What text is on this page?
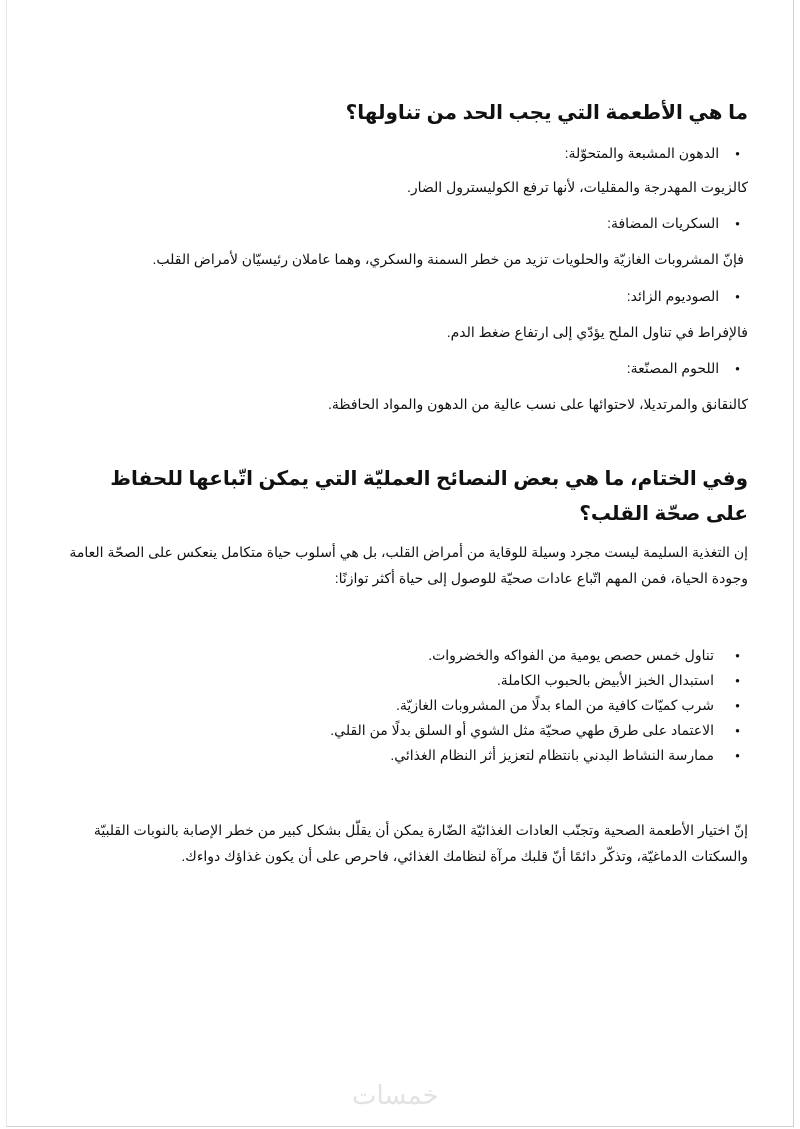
ما هي الأطعمة التي يجب الحد من تناولها؟
● الدهون المشبعة والمتحوّلة:
كالزيوت المهدرجة والمقليات، لأنها ترفع الكوليسترول الضار.
● السكريات المضافة:
فإنّ المشروبات الغازيّة والحلويات تزيد من خطر السمنة والسكري، وهما عاملان رئيسيّان لأمراض القلب.
● الصوديوم الزائد:
فالإفراط في تناول الملح يؤدّي إلى ارتفاع ضغط الدم.
● اللحوم المصنّعة:
كالنقانق والمرتديلا، لاحتوائها على نسب عالية من الدهون والمواد الحافظة.
وفي الختام، ما هي بعض النصائح العمليّة التي يمكن اتّباعها للحفاظ على صحّة القلب؟
إن التغذية السليمة ليست مجرد وسيلة للوقاية من أمراض القلب، بل هي أسلوب حياة متكامل ينعكس على الصحّة العامة وجودة الحياة، فمن المهم اتّباع عادات صحيّة للوصول إلى حياة أكثر توازنًا:
● تناول خمس حصص يومية من الفواكه والخضروات.
● استبدال الخبز الأبيض بالحبوب الكاملة.
● شرب كميّات كافية من الماء بدلًا من المشروبات الغازيّة.
● الاعتماد على طرق طهي صحيّة مثل الشوي أو السلق بدلًا من القلي.
● ممارسة النشاط البدني بانتظام لتعزيز أثر النظام الغذائي.
إنّ اختيار الأطعمة الصحية وتجنّب العادات الغذائيّة الضّارة يمكن أن يقلّل بشكل كبير من خطر الإصابة بالنوبات القلبيّة والسكتات الدماغيّة، وتذكّر دائمًا أنّ قلبك مرآة لنظامك الغذائي، فاحرص على أن يكون غذاؤك دواءك.
خمسات
